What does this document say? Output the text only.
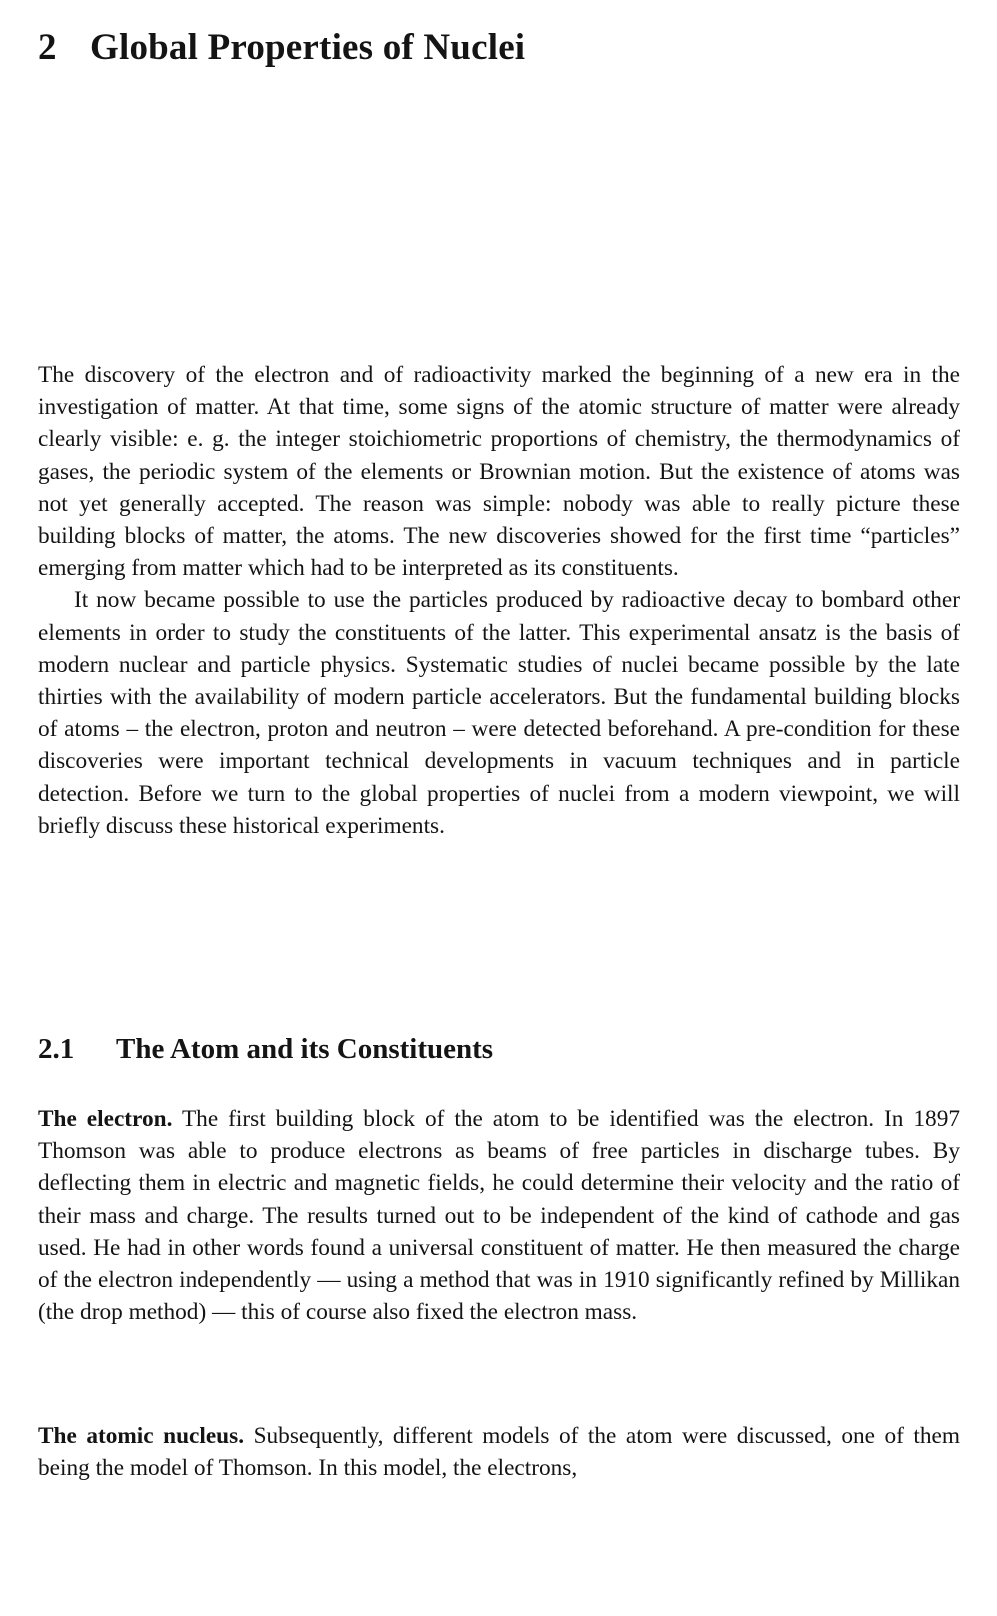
2 Global Properties of Nuclei

The discovery of the electron and of radioactivity marked the beginning of a new era in the investigation of matter. At that time, some signs of the atomic structure of matter were already clearly visible: e. g. the integer stoichiometric proportions of chemistry, the thermodynamics of gases, the periodic system of the elements or Brownian motion. But the existence of atoms was not yet generally accepted. The reason was simple: nobody was able to really picture these building blocks of matter, the atoms. The new discoveries showed for the first time “particles” emerging from matter which had to be interpreted as its constituents.

It now became possible to use the particles produced by radioactive decay to bombard other elements in order to study the constituents of the latter. This experimental ansatz is the basis of modern nuclear and particle physics. Systematic studies of nuclei became possible by the late thirties with the availability of modern particle accelerators. But the fundamental building blocks of atoms – the electron, proton and neutron – were detected beforehand. A pre-condition for these discoveries were important technical developments in vacuum techniques and in particle detection. Before we turn to the global properties of nuclei from a modern viewpoint, we will briefly discuss these historical experiments.

2.1 The Atom and its Constituents

The electron. The first building block of the atom to be identified was the electron. In 1897 Thomson was able to produce electrons as beams of free particles in discharge tubes. By deflecting them in electric and magnetic fields, he could determine their velocity and the ratio of their mass and charge. The results turned out to be independent of the kind of cathode and gas used. He had in other words found a universal constituent of matter. He then measured the charge of the electron independently — using a method that was in 1910 significantly refined by Millikan (the drop method) — this of course also fixed the electron mass.

The atomic nucleus. Subsequently, different models of the atom were discussed, one of them being the model of Thomson. In this model, the electrons,
